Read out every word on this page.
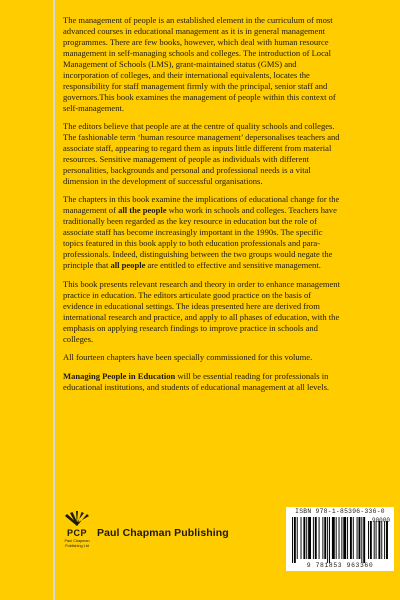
The management of people is an established element in the curriculum of most advanced courses in educational management as it is in general management programmes. There are few books, however, which deal with human resource management in self-managing schools and colleges. The introduction of Local Management of Schools (LMS), grant-maintained status (GMS) and incorporation of colleges, and their international equivalents, locates the responsibility for staff management firmly with the principal, senior staff and governors.This book examines the management of people within this context of self-management.

The editors believe that people are at the centre of quality schools and colleges. The fashionable term ‘human resource management’ depersonalises teachers and associate staff, appearing to regard them as inputs little different from material resources. Sensitive management of people as individuals with different personalities, backgrounds and personal and professional needs is a vital dimension in the development of successful organisations.

The chapters in this book examine the implications of educational change for the management of all the people who work in schools and colleges. Teachers have traditionally been regarded as the key resource in education but the role of associate staff has become increasingly important in the 1990s. The specific topics featured in this book apply to both education professionals and para-professionals. Indeed, distinguishing between the two groups would negate the principle that all people are entitled to effective and sensitive management.

This book presents relevant research and theory in order to enhance management practice in education. The editors articulate good practice on the basis of evidence in educational settings. The ideas presented here are derived from international research and practice, and apply to all phases of education, with the emphasis on applying research findings to improve practice in schools and colleges.

All fourteen chapters have been specially commissioned for this volume.

Managing People in Education will be essential reading for professionals in educational institutions, and students of educational management at all levels.

PCP
Paul Chapman
Publishing Ltd
Paul Chapman Publishing
ISBN 978-1-85396-336-0
9 781853 963360
90000
